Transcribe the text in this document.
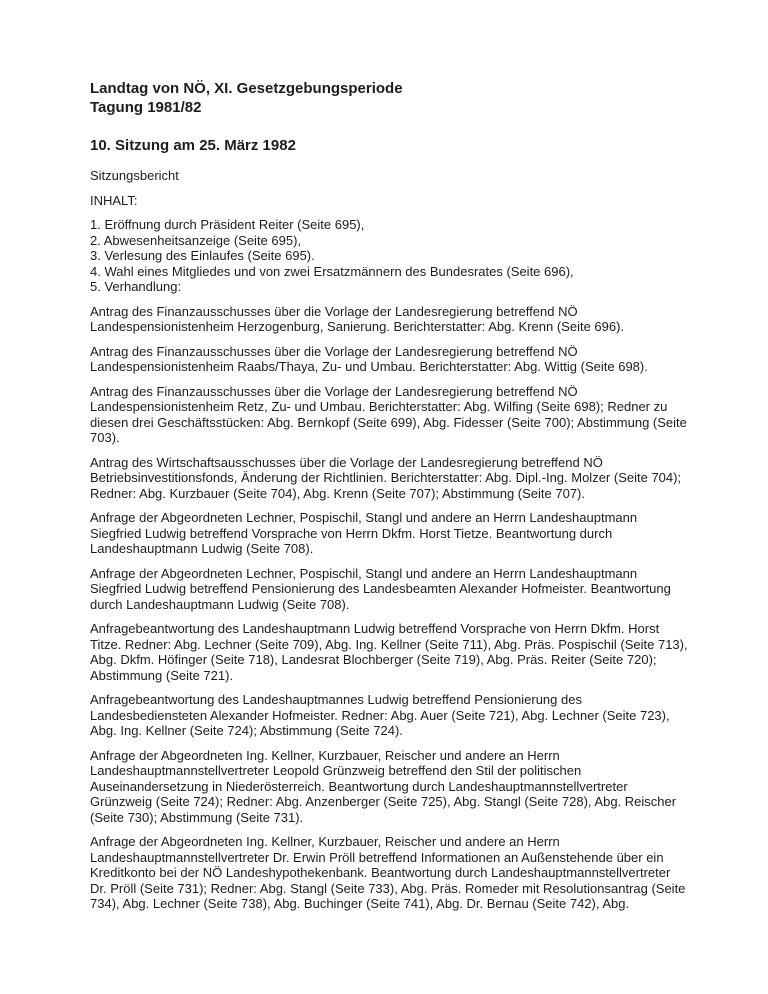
Landtag von NÖ, XI. Gesetzgebungsperiode
Tagung 1981/82
10. Sitzung am 25. März 1982

Sitzungsbericht

INHALT:

1. Eröffnung durch Präsident Reiter (Seite 695),
2. Abwesenheitsanzeige (Seite 695),
3. Verlesung des Einlaufes (Seite 695).
4. Wahl eines Mitgliedes und von zwei Ersatzmännern des Bundesrates (Seite 696),
5. Verhandlung:

Antrag des Finanzausschusses über die Vorlage der Landesregierung betreffend NÖ Landespensionistenheim Herzogenburg, Sanierung. Berichterstatter: Abg. Krenn (Seite 696).

Antrag des Finanzausschusses über die Vorlage der Landesregierung betreffend NÖ Landespensionistenheim Raabs/Thaya, Zu- und Umbau. Berichterstatter: Abg. Wittig (Seite 698).

Antrag des Finanzausschusses über die Vorlage der Landesregierung betreffend NÖ Landespensionistenheim Retz, Zu- und Umbau. Berichterstatter: Abg. Wilfing (Seite 698); Redner zu diesen drei Geschäftsstücken: Abg. Bernkopf (Seite 699), Abg. Fidesser (Seite 700); Abstimmung (Seite 703).

Antrag des Wirtschaftsausschusses über die Vorlage der Landesregierung betreffend NÖ Betriebsinvestitionsfonds, Änderung der Richtlinien. Berichterstatter: Abg. Dipl.-Ing. Molzer (Seite 704); Redner: Abg. Kurzbauer (Seite 704), Abg. Krenn (Seite 707); Abstimmung (Seite 707).

Anfrage der Abgeordneten Lechner, Pospischil, Stangl und andere an Herrn Landeshauptmann Siegfried Ludwig betreffend Vorsprache von Herrn Dkfm. Horst Tietze. Beantwortung durch Landeshauptmann Ludwig (Seite 708).

Anfrage der Abgeordneten Lechner, Pospischil, Stangl und andere an Herrn Landeshauptmann Siegfried Ludwig betreffend Pensionierung des Landesbeamten Alexander Hofmeister. Beantwortung durch Landeshauptmann Ludwig (Seite 708).

Anfragebeantwortung des Landeshauptmann Ludwig betreffend Vorsprache von Herrn Dkfm. Horst Titze. Redner: Abg. Lechner (Seite 709), Abg. Ing. Kellner (Seite 711), Abg. Präs. Pospischil (Seite 713), Abg. Dkfm. Höfinger (Seite 718), Landesrat Blochberger (Seite 719), Abg. Präs. Reiter (Seite 720); Abstimmung (Seite 721).

Anfragebeantwortung des Landeshauptmannes Ludwig betreffend Pensionierung des Landesbediensteten Alexander Hofmeister. Redner: Abg. Auer (Seite 721), Abg. Lechner (Seite 723), Abg. Ing. Kellner (Seite 724); Abstimmung (Seite 724).

Anfrage der Abgeordneten Ing. Kellner, Kurzbauer, Reischer und andere an Herrn Landeshauptmannstellvertreter Leopold Grünzweig betreffend den Stil der politischen Auseinandersetzung in Niederösterreich. Beantwortung durch Landeshauptmannstellvertreter Grünzweig (Seite 724); Redner: Abg. Anzenberger (Seite 725), Abg. Stangl (Seite 728), Abg. Reischer (Seite 730); Abstimmung (Seite 731).

Anfrage der Abgeordneten Ing. Kellner, Kurzbauer, Reischer und andere an Herrn Landeshauptmannstellvertreter Dr. Erwin Pröll betreffend Informationen an Außenstehende über ein Kreditkonto bei der NÖ Landeshypothekenbank. Beantwortung durch Landeshauptmannstellvertreter Dr. Pröll (Seite 731); Redner: Abg. Stangl (Seite 733), Abg. Präs. Romeder mit Resolutionsantrag (Seite 734), Abg. Lechner (Seite 738), Abg. Buchinger (Seite 741), Abg. Dr. Bernau (Seite 742), Abg.
